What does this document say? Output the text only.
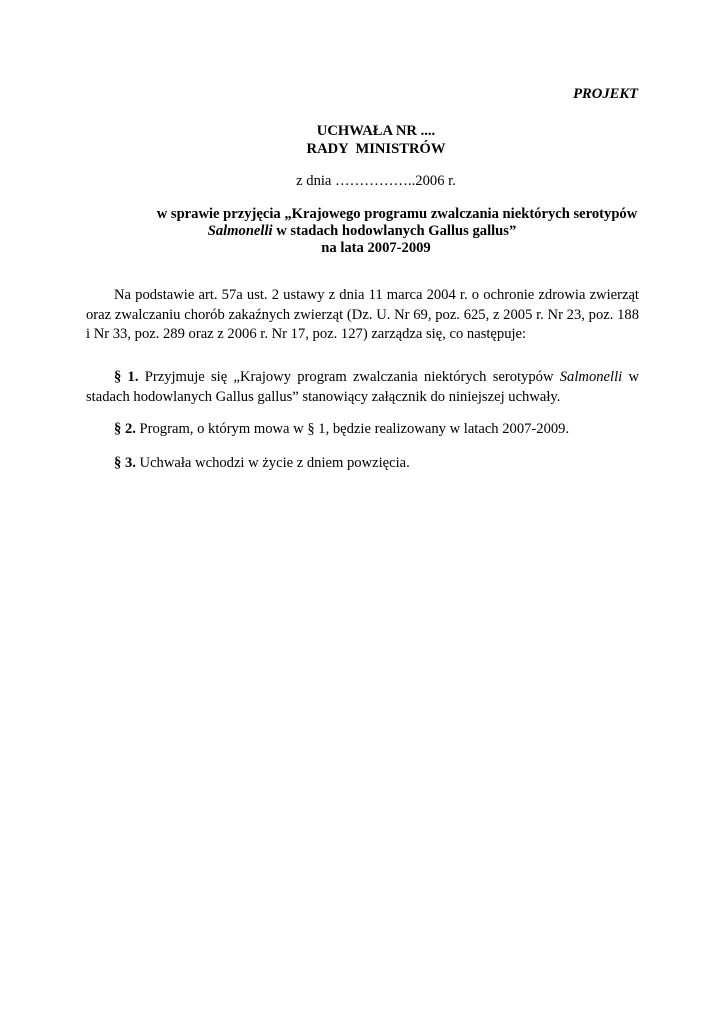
PROJEKT
UCHWAŁA NR ....
RADY  MINISTRÓW
z dnia ……………..2006 r.
w sprawie przyjęcia „Krajowego programu zwalczania niektórych serotypów
Salmonelli w stadach hodowlanych Gallus gallus”
na lata 2007-2009
Na podstawie art. 57a ust. 2 ustawy z dnia 11 marca 2004 r. o ochronie zdrowia zwierząt oraz zwalczaniu chorób zakaźnych zwierząt (Dz. U. Nr 69, poz. 625, z 2005 r. Nr 23, poz. 188 i Nr 33, poz. 289 oraz z 2006 r. Nr 17, poz. 127) zarządza się, co następuje:
§ 1. Przyjmuje się „Krajowy program zwalczania niektórych serotypów Salmonelli w stadach hodowlanych Gallus gallus” stanowiący załącznik do niniejszej uchwały.
§ 2. Program, o którym mowa w § 1, będzie realizowany w latach 2007-2009.
§ 3. Uchwała wchodzi w życie z dniem powzięcia.
